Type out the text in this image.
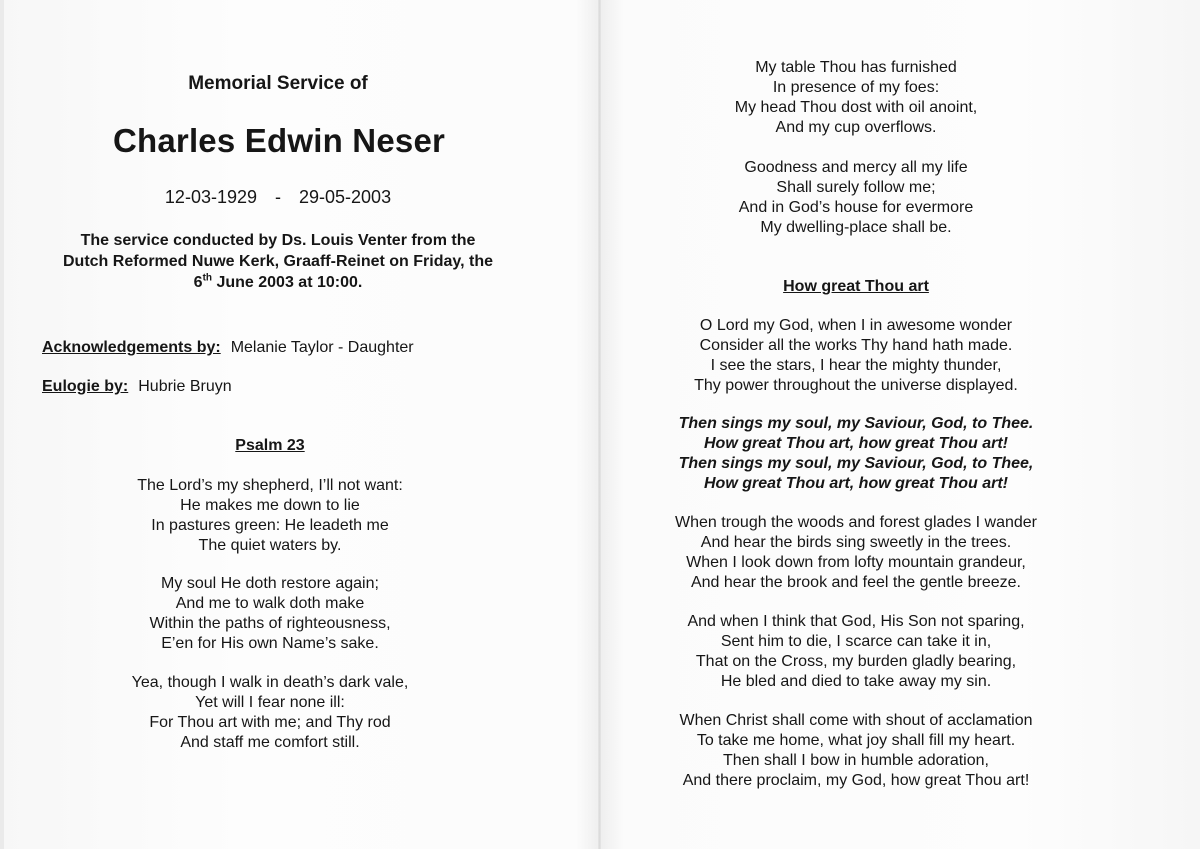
Memorial Service of
Charles Edwin Neser
12-03-1929 - 29-05-2003
The service conducted by Ds. Louis Venter from the
Dutch Reformed Nuwe Kerk, Graaff-Reinet on Friday, the
6th June 2003 at 10:00.
Acknowledgements by: Melanie Taylor - Daughter
Eulogie by: Hubrie Bruyn
Psalm 23
The Lord’s my shepherd, I’ll not want:
He makes me down to lie
In pastures green: He leadeth me
The quiet waters by.
My soul He doth restore again;
And me to walk doth make
Within the paths of righteousness,
E’en for His own Name’s sake.
Yea, though I walk in death’s dark vale,
Yet will I fear none ill:
For Thou art with me; and Thy rod
And staff me comfort still.
My table Thou has furnished
In presence of my foes:
My head Thou dost with oil anoint,
And my cup overflows.
Goodness and mercy all my life
Shall surely follow me;
And in God’s house for evermore
My dwelling-place shall be.
How great Thou art
O Lord my God, when I in awesome wonder
Consider all the works Thy hand hath made.
I see the stars, I hear the mighty thunder,
Thy power throughout the universe displayed.
Then sings my soul, my Saviour, God, to Thee.
How great Thou art, how great Thou art!
Then sings my soul, my Saviour, God, to Thee,
How great Thou art, how great Thou art!
When trough the woods and forest glades I wander
And hear the birds sing sweetly in the trees.
When I look down from lofty mountain grandeur,
And hear the brook and feel the gentle breeze.
And when I think that God, His Son not sparing,
Sent him to die, I scarce can take it in,
That on the Cross, my burden gladly bearing,
He bled and died to take away my sin.
When Christ shall come with shout of acclamation
To take me home, what joy shall fill my heart.
Then shall I bow in humble adoration,
And there proclaim, my God, how great Thou art!
